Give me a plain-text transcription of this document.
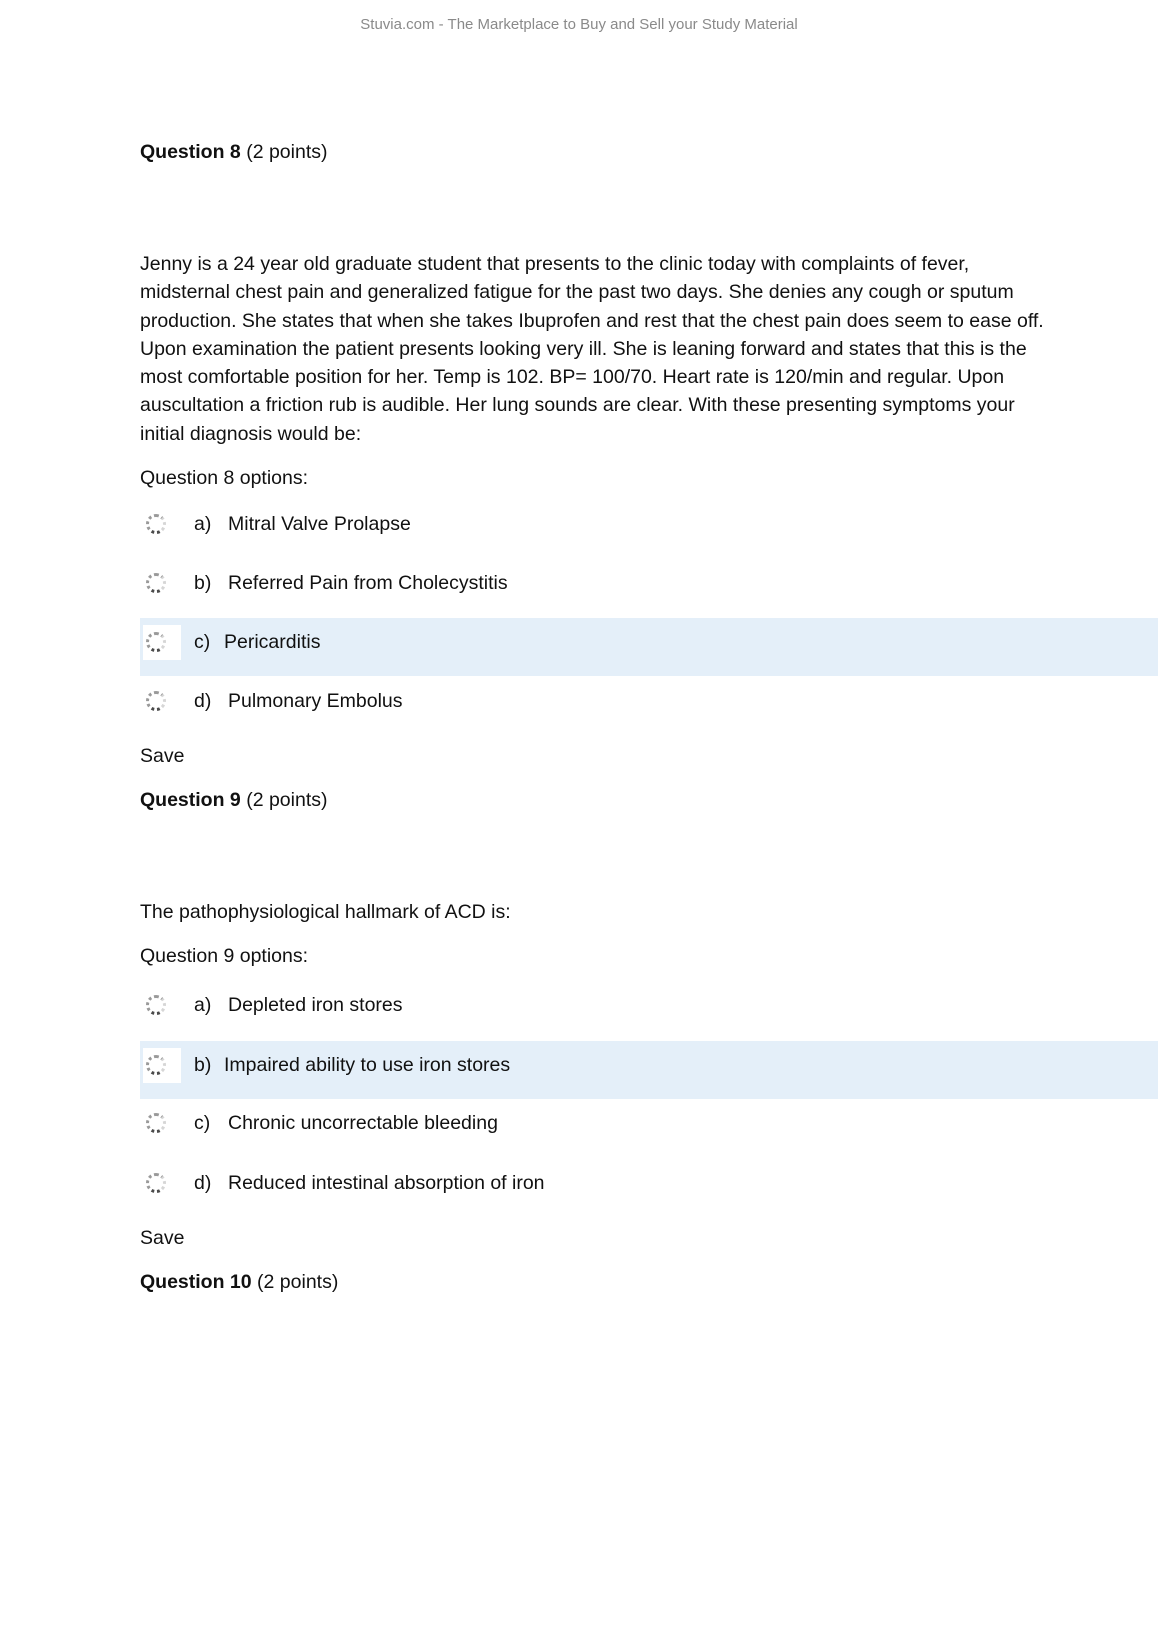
Stuvia.com - The Marketplace to Buy and Sell your Study Material
Question 8 (2 points)
Jenny is a 24 year old graduate student that presents to the clinic today with complaints of fever, midsternal chest pain and generalized fatigue for the past two days. She denies any cough or sputum production. She states that when she takes Ibuprofen and rest that the chest pain does seem to ease off. Upon examination the patient presents looking very ill. She is leaning forward and states that this is the most comfortable position for her. Temp is 102. BP= 100/70. Heart rate is 120/min and regular. Upon auscultation a friction rub is audible. Her lung sounds are clear. With these presenting symptoms your initial diagnosis would be:
Question 8 options:
a) Mitral Valve Prolapse
b) Referred Pain from Cholecystitis
c) Pericarditis
d) Pulmonary Embolus
Save
Question 9 (2 points)
The pathophysiological hallmark of ACD is:
Question 9 options:
a) Depleted iron stores
b) Impaired ability to use iron stores
c) Chronic uncorrectable bleeding
d) Reduced intestinal absorption of iron
Save
Question 10 (2 points)
